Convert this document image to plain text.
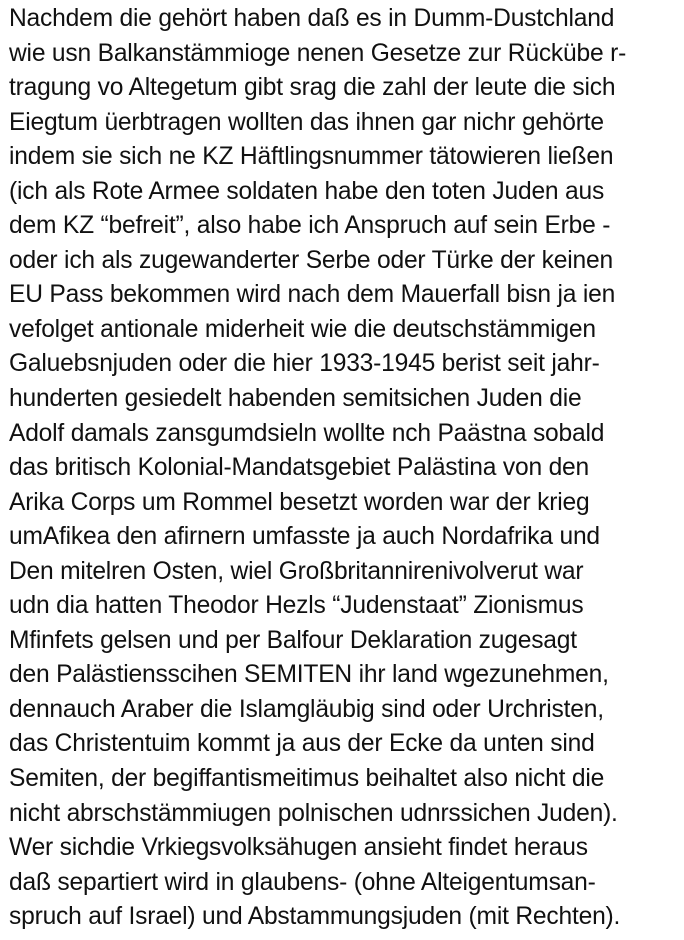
Nachdem die gehört haben daß es in Dumm-Dustchland
wie usn Balkanstämmioge nenen Gesetze zur Rückübe r-
tragung vo Altegetum gibt srag die zahl der leute die sich
Eiegtum üerbtragen wollten das ihnen gar nichr gehörte
indem sie sich ne KZ Häftlingsnummer tätowieren ließen
(ich als Rote Armee soldaten habe den toten Juden aus
dem KZ “befreit”, also habe ich Anspruch auf sein Erbe -
oder ich als zugewanderter Serbe oder Türke der keinen
EU Pass bekommen wird nach dem Mauerfall bisn ja ien
vefolget antionale miderheit wie die deutschstämmigen
Galuebsnjuden oder die hier 1933-1945 berist seit jahr-
hunderten gesiedelt habenden semitsichen Juden die
Adolf damals zansgumdsieln wollte nch Paästna sobald
das britisch Kolonial-Mandatsgebiet Palästina von den
Arika Corps um Rommel besetzt worden war der krieg
umAfikea den afirnern umfasste ja auch Nordafrika und
Den mitelren Osten, wiel Großbritannirenivolverut war
udn dia hatten Theodor Hezls “Judenstaat” Zionismus
Mfinfets gelsen und per Balfour Deklaration zugesagt
den Palästiensscihen SEMITEN ihr land wgezunehmen,
dennauch Araber die Islamgläubig sind oder Urchristen,
das Christentuim kommt ja aus der Ecke da unten sind
Semiten, der begiffantismeitimus beihaltet also nicht die
nicht abrschstämmiugen polnischen udnrssichen Juden).
Wer sichdie Vrkiegsvolksähugen ansieht findet heraus
daß separtiert wird in glaubens- (ohne Alteigentumsan-
spruch auf Israel) und Abstammungsjuden (mit Rechten).
